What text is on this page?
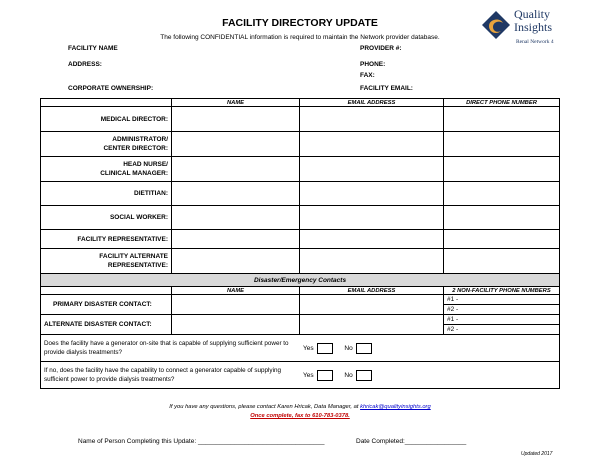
FACILITY DIRECTORY UPDATE
The following CONFIDENTIAL information is required to maintain the Network provider database.
Quality
Insights
Renal Network 4
FACILITY NAME
ADDRESS:
CORPORATE OWNERSHIP:
PROVIDER #:
PHONE:
FAX:
FACILITY EMAIL:
	NAME	EMAIL ADDRESS	DIRECT PHONE NUMBER
MEDICAL DIRECTOR:			
ADMINISTRATOR/
CENTER DIRECTOR:			
HEAD NURSE/
CLINICAL MANAGER:			
DIETITIAN:			
SOCIAL WORKER:			
FACILITY REPRESENTATIVE:			
FACILITY ALTERNATE
REPRESENTATIVE:			
Disaster/Emergency Contacts			
	NAME	EMAIL ADDRESS	2 NON-FACILITY PHONE NUMBERS
PRIMARY DISASTER CONTACT:			#1 -
			#2 -
ALTERNATE DISASTER CONTACT:			#1 -
			#2 -

Does the facility have a generator on-site that is capable of supplying sufficient power to provide dialysis treatments?
Yes No			

If no, does the facility have the capability to connect a generator capable of supplying sufficient power to provide dialysis treatments?
Yes No			
If you have any questions, please contact Karen Hricak, Data Manager, at khricak@qualityinsights.org
Once complete, fax to 610-783-0378.
Name of Person Completing this Update: ___________________________________	Date Completed:_________________
Updated 2017
